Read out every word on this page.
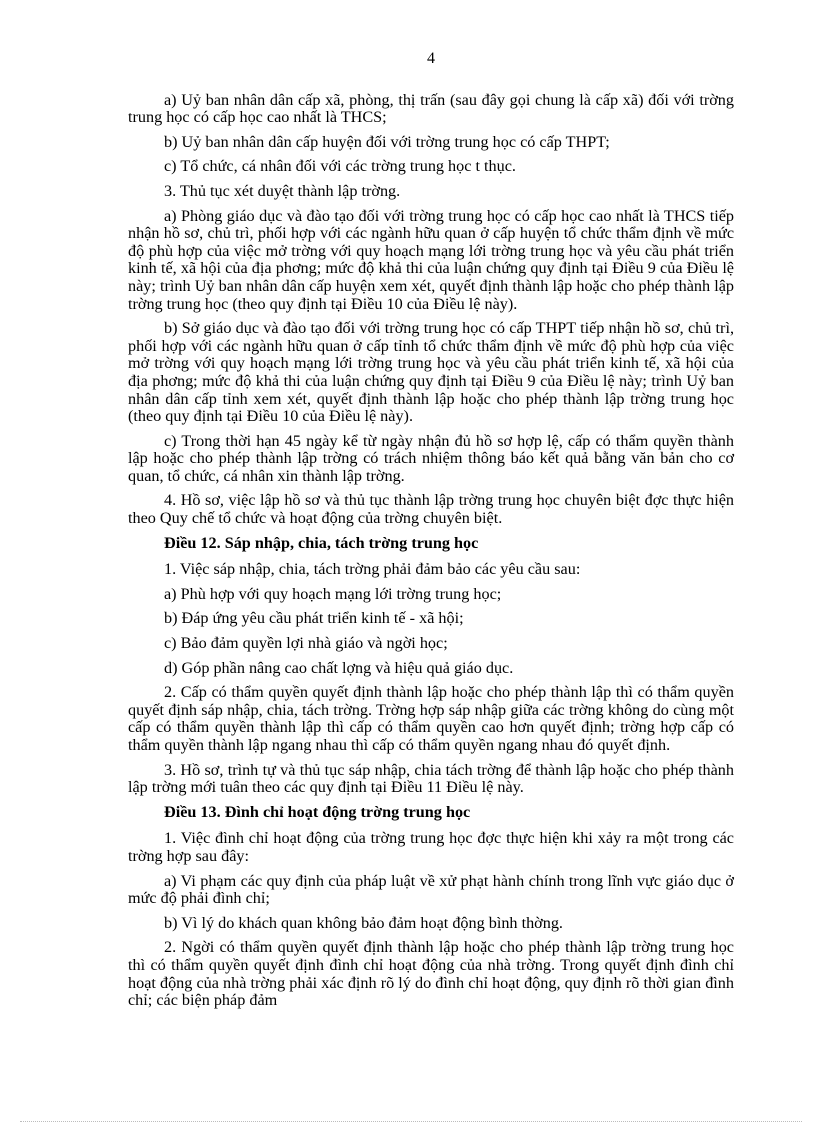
4
a) Uỷ ban nhân dân cấp xã, phòng, thị trấn (sau đây gọi chung là cấp xã) đối với trờng trung học có cấp học cao nhất là THCS;
b) Uỷ ban nhân dân cấp huyện đối với trờng trung học có cấp THPT;
c) Tổ chức, cá nhân đối với các trờng trung học t thục.
3. Thủ tục xét duyệt thành lập trờng.
a) Phòng giáo dục và đào tạo đối với trờng trung học có cấp học cao nhất là THCS tiếp nhận hồ sơ, chủ trì, phối hợp với các ngành hữu quan ở cấp huyện tổ chức thẩm định về mức độ phù hợp của việc mở trờng với quy hoạch mạng lới trờng trung học và yêu cầu phát triển kinh tế, xã hội của địa phơng; mức độ khả thi của luận chứng quy định tại Điều 9 của Điều lệ này; trình Uỷ ban nhân dân cấp huyện xem xét, quyết định thành lập hoặc cho phép thành lập trờng trung học (theo quy định tại Điều 10 của Điều lệ này).
b) Sở giáo dục và đào tạo đối với trờng trung học có cấp THPT tiếp nhận hồ sơ, chủ trì, phối hợp với các ngành hữu quan ở cấp tỉnh tổ chức thẩm định về mức độ phù hợp của việc mở trờng với quy hoạch mạng lới trờng trung học và yêu cầu phát triển kinh tế, xã hội của địa phơng; mức độ khả thi của luận chứng quy định tại Điều 9 của Điều lệ này; trình Uỷ ban nhân dân cấp tỉnh xem xét, quyết định thành lập hoặc cho phép thành lập trờng trung học (theo quy định tại Điều 10 của Điều lệ này).
c) Trong thời hạn 45 ngày kể từ ngày nhận đủ hồ sơ hợp lệ, cấp có thẩm quyền thành lập hoặc cho phép thành lập trờng có trách nhiệm thông báo kết quả bằng văn bản cho cơ quan, tổ chức, cá nhân xin thành lập trờng.
4. Hồ sơ, việc lập hồ sơ và thủ tục thành lập trờng trung học chuyên biệt đợc thực hiện theo Quy chế tổ chức và hoạt động của trờng chuyên biệt.
Điều 12. Sáp nhập, chia, tách trờng trung học
1. Việc sáp nhập, chia, tách trờng phải đảm bảo các yêu cầu sau:
a) Phù hợp với quy hoạch mạng lới trờng trung học;
b) Đáp ứng yêu cầu phát triển kinh tế - xã hội;
c) Bảo đảm quyền lợi nhà giáo và ngời học;
d) Góp phần nâng cao chất lợng và hiệu quả giáo dục.
2. Cấp có thẩm quyền quyết định thành lập hoặc cho phép thành lập thì có thẩm quyền quyết định sáp nhập, chia, tách trờng. Trờng hợp sáp nhập giữa các trờng không do cùng một cấp có thẩm quyền thành lập thì cấp có thẩm quyền cao hơn quyết định; trờng hợp cấp có thẩm quyền thành lập ngang nhau thì cấp có thẩm quyền ngang nhau đó quyết định.
3. Hồ sơ, trình tự và thủ tục sáp nhập, chia tách trờng để thành lập hoặc cho phép thành lập trờng mới tuân theo các quy định tại Điều 11 Điều lệ này.
Điều 13. Đình chỉ hoạt động trờng trung học
1. Việc đình chỉ hoạt động của trờng trung học đợc thực hiện khi xảy ra một trong các trờng hợp sau đây:
a) Vi phạm các quy định của pháp luật về xử phạt hành chính trong lĩnh vực giáo dục ở mức độ phải đình chỉ;
b) Vì lý do khách quan không bảo đảm hoạt động bình thờng.
2. Ngời có thẩm quyền quyết định thành lập hoặc cho phép thành lập trờng trung học thì có thẩm quyền quyết định đình chỉ hoạt động của nhà trờng. Trong quyết định đình chỉ hoạt động của nhà trờng phải xác định rõ lý do đình chỉ hoạt động, quy định rõ thời gian đình chỉ; các biện pháp đảm
